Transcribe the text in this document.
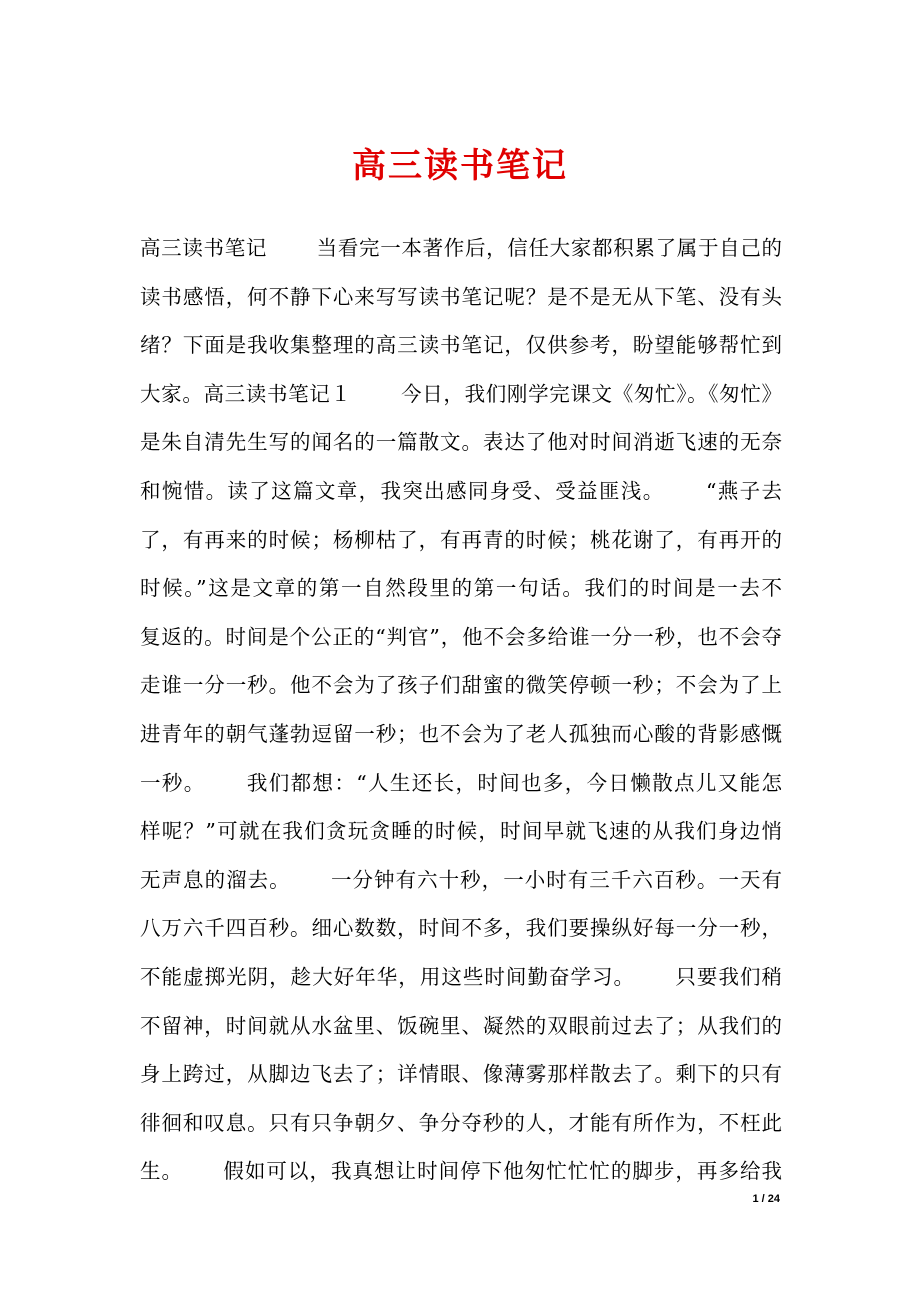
高三读书笔记
高三读书笔记　　 当看完一本著作后，信任大家都积累了属于自己的
读书感悟，何不静下心来写写读书笔记呢？是不是无从下笔、没有头
绪？下面是我收集整理的高三读书笔记，仅供参考，盼望能够帮忙到
大家。高三读书笔记１　　 今日，我们刚学完课文《匆忙》。《匆忙》
是朱自清先生写的闻名的一篇散文。表达了他对时间消逝飞速的无奈
和惋惜。读了这篇文章，我突出感同身受、受益匪浅。　　 “燕子去
了，有再来的时候；杨柳枯了，有再青的时候；桃花谢了，有再开的
时候。”这是文章的第一自然段里的第一句话。我们的时间是一去不
复返的。时间是个公正的“判官”，他不会多给谁一分一秒，也不会夺
走谁一分一秒。他不会为了孩子们甜蜜的微笑停顿一秒；不会为了上
进青年的朝气蓬勃逗留一秒；也不会为了老人孤独而心酸的背影感慨
一秒。　　 我们都想：“人生还长，时间也多，今日懒散点儿又能怎
样呢？”可就在我们贪玩贪睡的时候，时间早就飞速的从我们身边悄
无声息的溜去。　　 一分钟有六十秒，一小时有三千六百秒。一天有
八万六千四百秒。细心数数，时间不多，我们要操纵好每一分一秒，
不能虚掷光阴，趁大好年华，用这些时间勤奋学习。　　 只要我们稍
不留神，时间就从水盆里、饭碗里、凝然的双眼前过去了；从我们的
身上跨过，从脚边飞去了；详情眼、像薄雾那样散去了。剩下的只有
徘徊和叹息。只有只争朝夕、争分夺秒的人，才能有所作为，不枉此
生。　　 假如可以，我真想让时间停下他匆忙忙忙的脚步，再多给我
1 / 24
